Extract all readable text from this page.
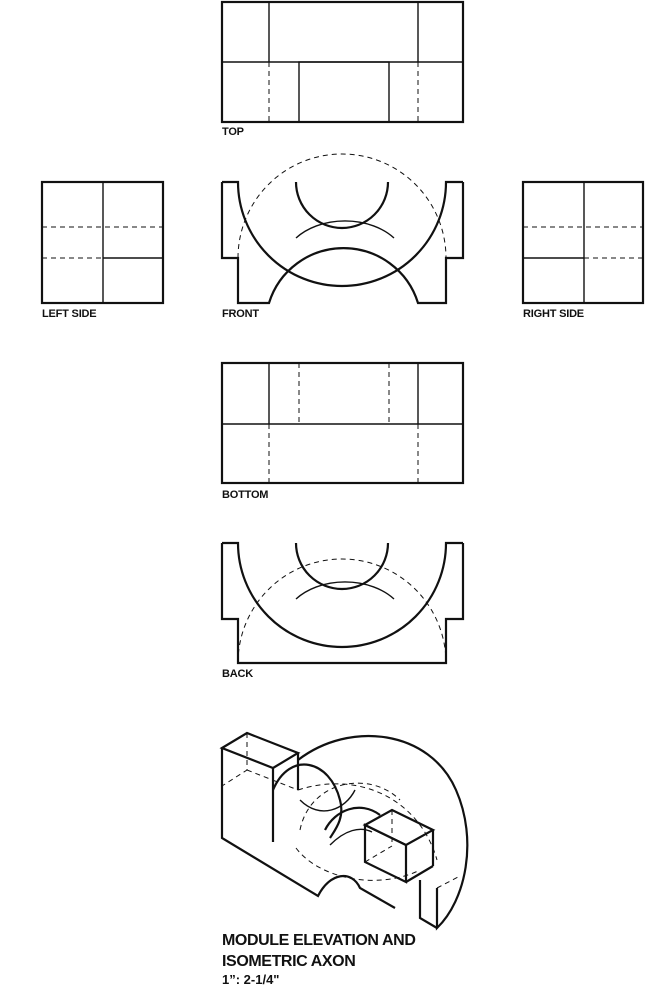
TOP
LEFT SIDE	FRONT	RIGHT SIDE
BOTTOM
BACK
MODULE ELEVATION AND
ISOMETRIC AXON
1”: 2-1/4"
